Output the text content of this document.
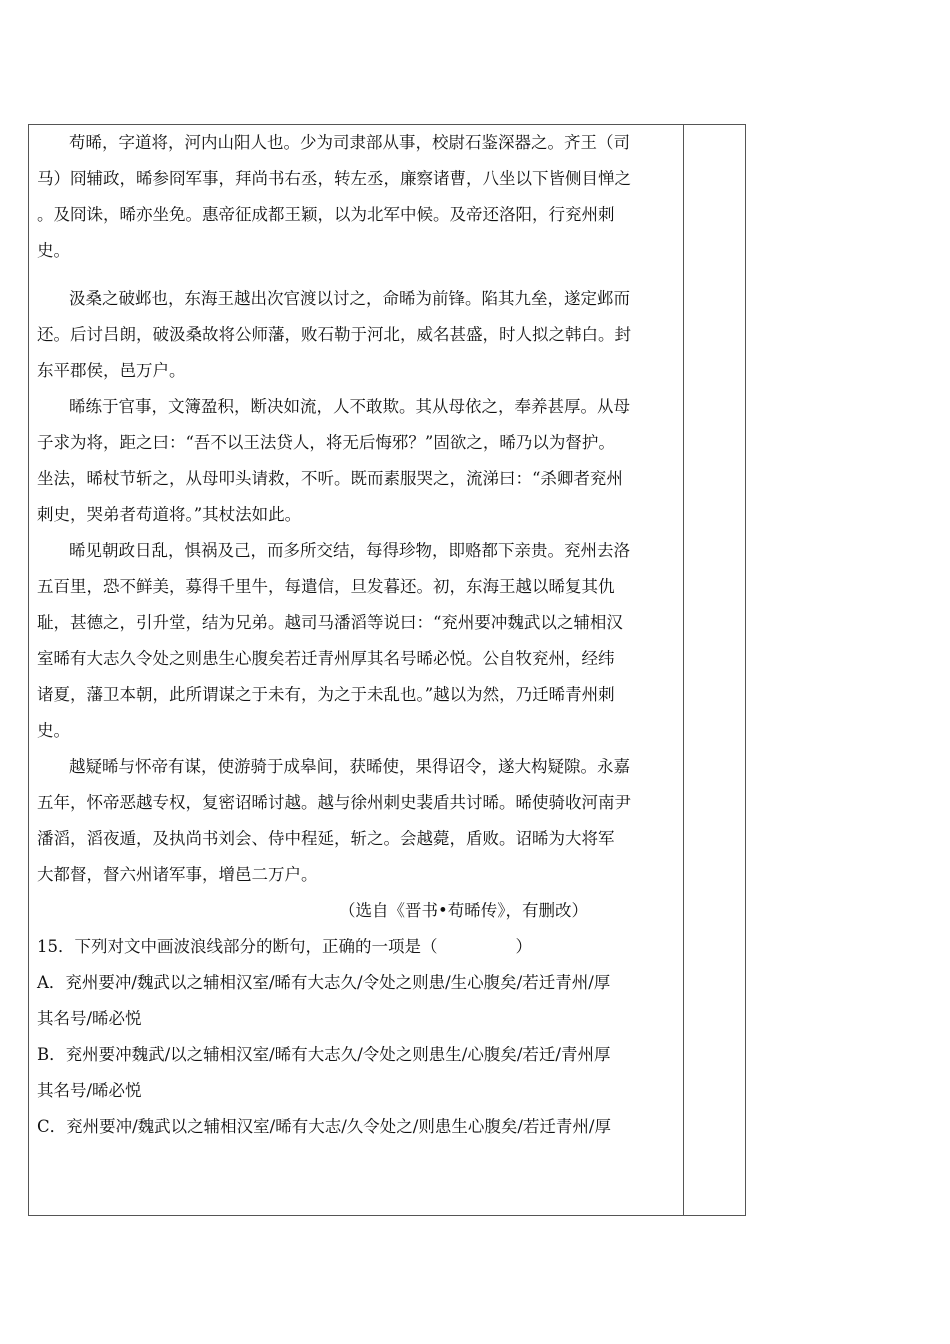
苟晞，字道将，河内山阳人也。少为司隶部从事，校尉石鉴深器之。齐王（司
马）冏辅政，晞参冏军事，拜尚书右丞，转左丞，廉察诸曹，八坐以下皆侧目惮之
。及冏诛，晞亦坐免。惠帝征成都王颖，以为北军中候。及帝还洛阳，行兖州刺
史。
汲桑之破邺也，东海王越出次官渡以讨之，命晞为前锋。陷其九垒，遂定邺而
还。后讨吕朗，破汲桑故将公师藩，败石勒于河北，威名甚盛，时人拟之韩白。封
东平郡侯，邑万户。
晞练于官事，文簿盈积，断决如流，人不敢欺。其从母依之，奉养甚厚。从母
子求为将，距之曰：“吾不以王法贷人，将无后悔邪？”固欲之，晞乃以为督护。
坐法，晞杖节斩之，从母叩头请救，不听。既而素服哭之，流涕曰：“杀卿者兖州
刺史，哭弟者苟道将。”其杖法如此。
晞见朝政日乱，惧祸及己，而多所交结，每得珍物，即赂都下亲贵。兖州去洛
五百里，恐不鲜美，募得千里牛，每遣信，旦发暮还。初，东海王越以晞复其仇
耻，甚德之，引升堂，结为兄弟。越司马潘滔等说曰：“兖州要冲魏武以之辅相汉
室晞有大志久令处之则患生心腹矣若迁青州厚其名号晞必悦。公自牧兖州，经纬
诸夏，藩卫本朝，此所谓谋之于未有，为之于未乱也。”越以为然，乃迁晞青州刺
史。
越疑晞与怀帝有谋，使游骑于成皋间，获晞使，果得诏令，遂大构疑隙。永嘉
五年，怀帝恶越专权，复密诏晞讨越。越与徐州刺史裴盾共讨晞。晞使骑收河南尹
潘滔，滔夜遁，及执尚书刘会、侍中程延，斩之。会越薨，盾败。诏晞为大将军
大都督，督六州诸军事，增邑二万户。
（选自《晋书•苟晞传》，有删改）
15．下列对文中画波浪线部分的断句，正确的一项是（	）
A．兖州要冲/魏武以之辅相汉室/晞有大志久/令处之则患/生心腹矣/若迁青州/厚
其名号/晞必悦
B．兖州要冲魏武/以之辅相汉室/晞有大志久/令处之则患生/心腹矣/若迁/青州厚
其名号/晞必悦
C．兖州要冲/魏武以之辅相汉室/晞有大志/久令处之/则患生心腹矣/若迁青州/厚
